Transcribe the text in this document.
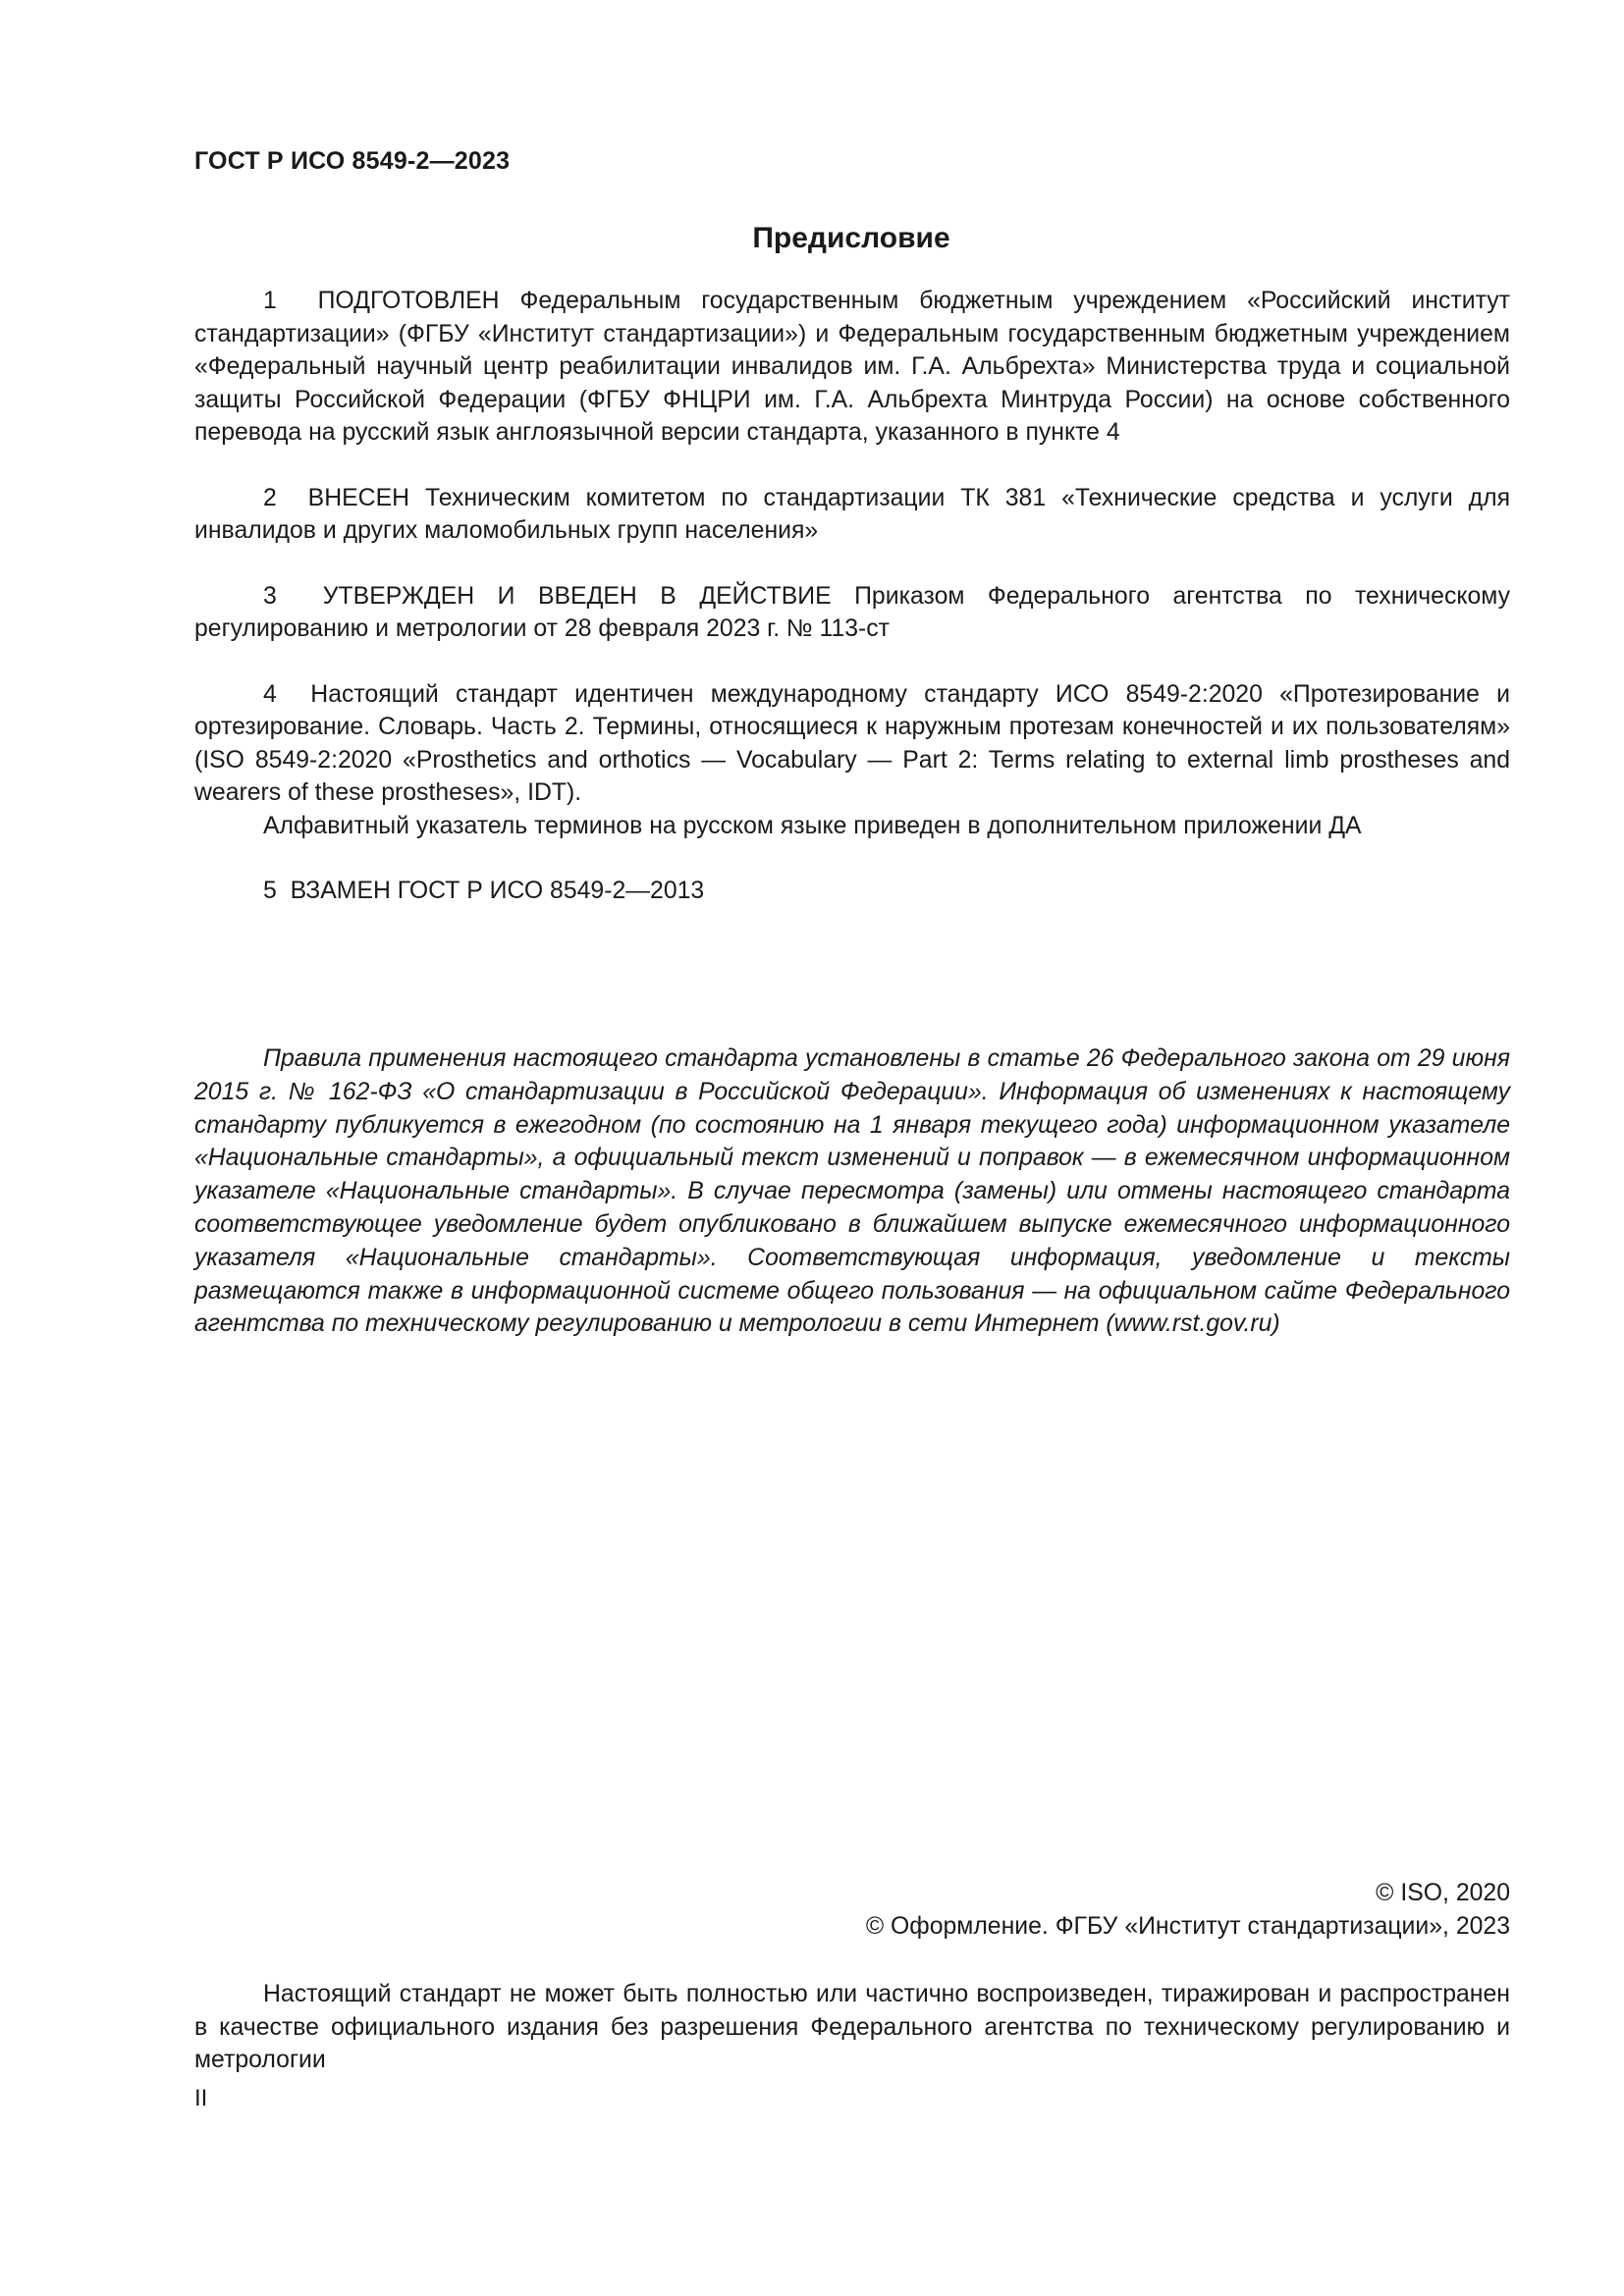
ГОСТ Р ИСО 8549-2—2023
Предисловие

1 ПОДГОТОВЛЕН Федеральным государственным бюджетным учреждением «Российский институт стандартизации» (ФГБУ «Институт стандартизации») и Федеральным государственным бюджетным учреждением «Федеральный научный центр реабилитации инвалидов им. Г.А. Альбрехта» Министерства труда и социальной защиты Российской Федерации (ФГБУ ФНЦРИ им. Г.А. Альбрехта Минтруда России) на основе собственного перевода на русский язык англоязычной версии стандарта, указанного в пункте 4

2 ВНЕСЕН Техническим комитетом по стандартизации ТК 381 «Технические средства и услуги для инвалидов и других маломобильных групп населения»

3 УТВЕРЖДЕН И ВВЕДЕН В ДЕЙСТВИЕ Приказом Федерального агентства по техническому регулированию и метрологии от 28 февраля 2023 г. № 113-ст

4 Настоящий стандарт идентичен международному стандарту ИСО 8549-2:2020 «Протезирование и ортезирование. Словарь. Часть 2. Термины, относящиеся к наружным протезам конечностей и их пользователям» (ISO 8549-2:2020 «Prosthetics and orthotics — Vocabulary — Part 2: Terms relating to external limb prostheses and wearers of these prostheses», IDT).

Алфавитный указатель терминов на русском языке приведен в дополнительном приложении ДА

5 ВЗАМЕН ГОСТ Р ИСО 8549-2—2013

Правила применения настоящего стандарта установлены в статье 26 Федерального закона от 29 июня 2015 г. № 162-ФЗ «О стандартизации в Российской Федерации». Информация об изменениях к настоящему стандарту публикуется в ежегодном (по состоянию на 1 января текущего года) информационном указателе «Национальные стандарты», а официальный текст изменений и поправок — в ежемесячном информационном указателе «Национальные стандарты». В случае пересмотра (замены) или отмены настоящего стандарта соответствующее уведомление будет опубликовано в ближайшем выпуске ежемесячного информационного указателя «Национальные стандарты». Соответствующая информация, уведомление и тексты размещаются также в информационной системе общего пользования — на официальном сайте Федерального агентства по техническому регулированию и метрологии в сети Интернет (www.rst.gov.ru)

© ISO, 2020
© Оформление. ФГБУ «Институт стандартизации», 2023

Настоящий стандарт не может быть полностью или частично воспроизведен, тиражирован и распространен в качестве официального издания без разрешения Федерального агентства по техническому регулированию и метрологии

II
